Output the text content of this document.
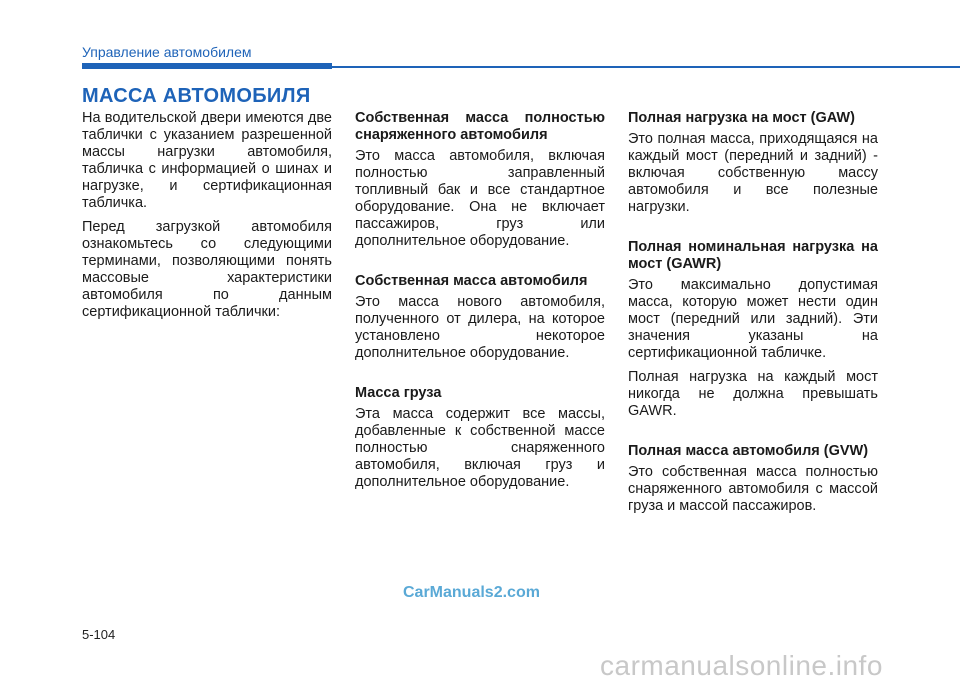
Управление автомобилем
МАССА АВТОМОБИЛЯ

На водительской двери имеются две таблички с указанием разрешенной массы нагрузки автомобиля, табличка с информацией о шинах и нагрузке, и сертификационная табличка.

Перед загрузкой автомобиля ознакомьтесь со следующими терминами, позволяющими понять массовые характеристики автомобиля по данным сертификационной таблички:

Собственная масса полностью снаряженного автомобиля

Это масса автомобиля, включая полностью заправленный топливный бак и все стандартное оборудование. Она не включает пассажиров, груз или дополнительное оборудование.

Собственная масса автомобиля

Это масса нового автомобиля, полученного от дилера, на которое установлено некоторое дополнительное оборудование.

Масса груза

Эта масса содержит все массы, добавленные к собственной массе полностью снаряженного автомобиля, включая груз и дополнительное оборудование.

Полная нагрузка на мост (GAW)

Это полная масса, приходящаяся на каждый мост (передний и задний) - включая собственную массу автомобиля и все полезные нагрузки.

Полная номинальная нагрузка на мост (GAWR)

Это максимально допустимая масса, которую может нести один мост (передний или задний). Эти значения указаны на сертификационной табличке.

Полная нагрузка на каждый мост никогда не должна превышать GAWR.

Полная масса автомобиля (GVW)

Это собственная масса полностью снаряженного автомобиля с массой груза и массой пассажиров.

CarManuals2.com
5-104
carmanualsonline.info
